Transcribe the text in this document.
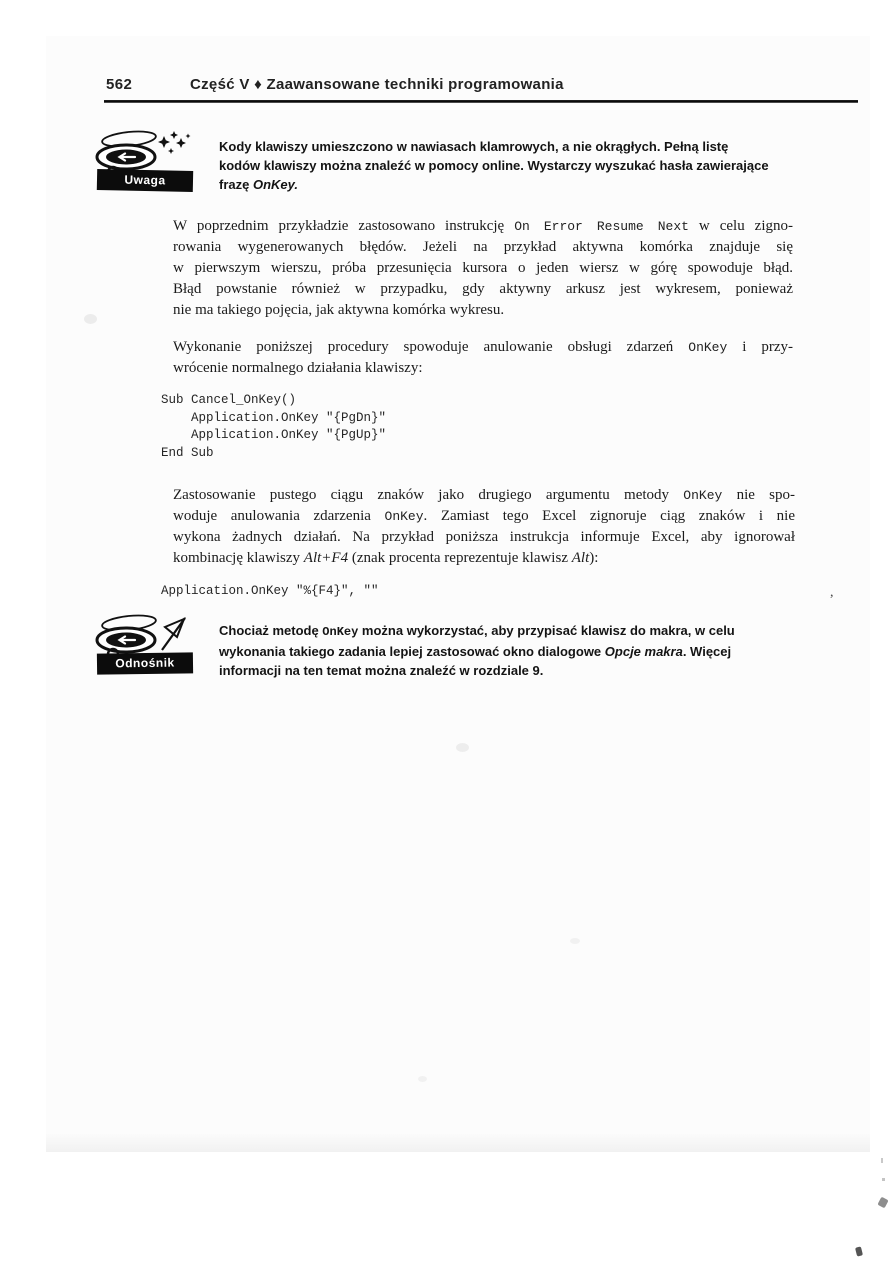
562	Część V ♦ Zaawansowane techniki programowania
Uwaga
Kody klawiszy umieszczono w nawiasach klamrowych, a nie okrągłych. Pełną listę
kodów klawiszy można znaleźć w pomocy online. Wystarczy wyszukać hasła zawierające
frazę OnKey.
W poprzednim przykładzie zastosowano instrukcję On Error Resume Next w celu zigno-
rowania wygenerowanych błędów. Jeżeli na przykład aktywna komórka znajduje się
w pierwszym wierszu, próba przesunięcia kursora o jeden wiersz w górę spowoduje błąd.
Błąd powstanie również w przypadku, gdy aktywny arkusz jest wykresem, ponieważ
nie ma takiego pojęcia, jak aktywna komórka wykresu.
Wykonanie poniższej procedury spowoduje anulowanie obsługi zdarzeń OnKey i przy-
wrócenie normalnego działania klawiszy:
Sub Cancel_OnKey()
Application.OnKey "{PgDn}"
Application.OnKey "{PgUp}"
End Sub
Zastosowanie pustego ciągu znaków jako drugiego argumentu metody OnKey nie spo-
woduje anulowania zdarzenia OnKey. Zamiast tego Excel zignoruje ciąg znaków i nie
wykona żadnych działań. Na przykład poniższa instrukcja informuje Excel, aby ignorował
kombinację klawiszy Alt+F4 (znak procenta reprezentuje klawisz Alt):
Application.OnKey "%{F4}", ""
Odnośnik
Chociaż metodę OnKey można wykorzystać, aby przypisać klawisz do makra, w celu
wykonania takiego zadania lepiej zastosować okno dialogowe Opcje makra. Więcej
informacji na ten temat można znaleźć w rozdziale 9.
,
